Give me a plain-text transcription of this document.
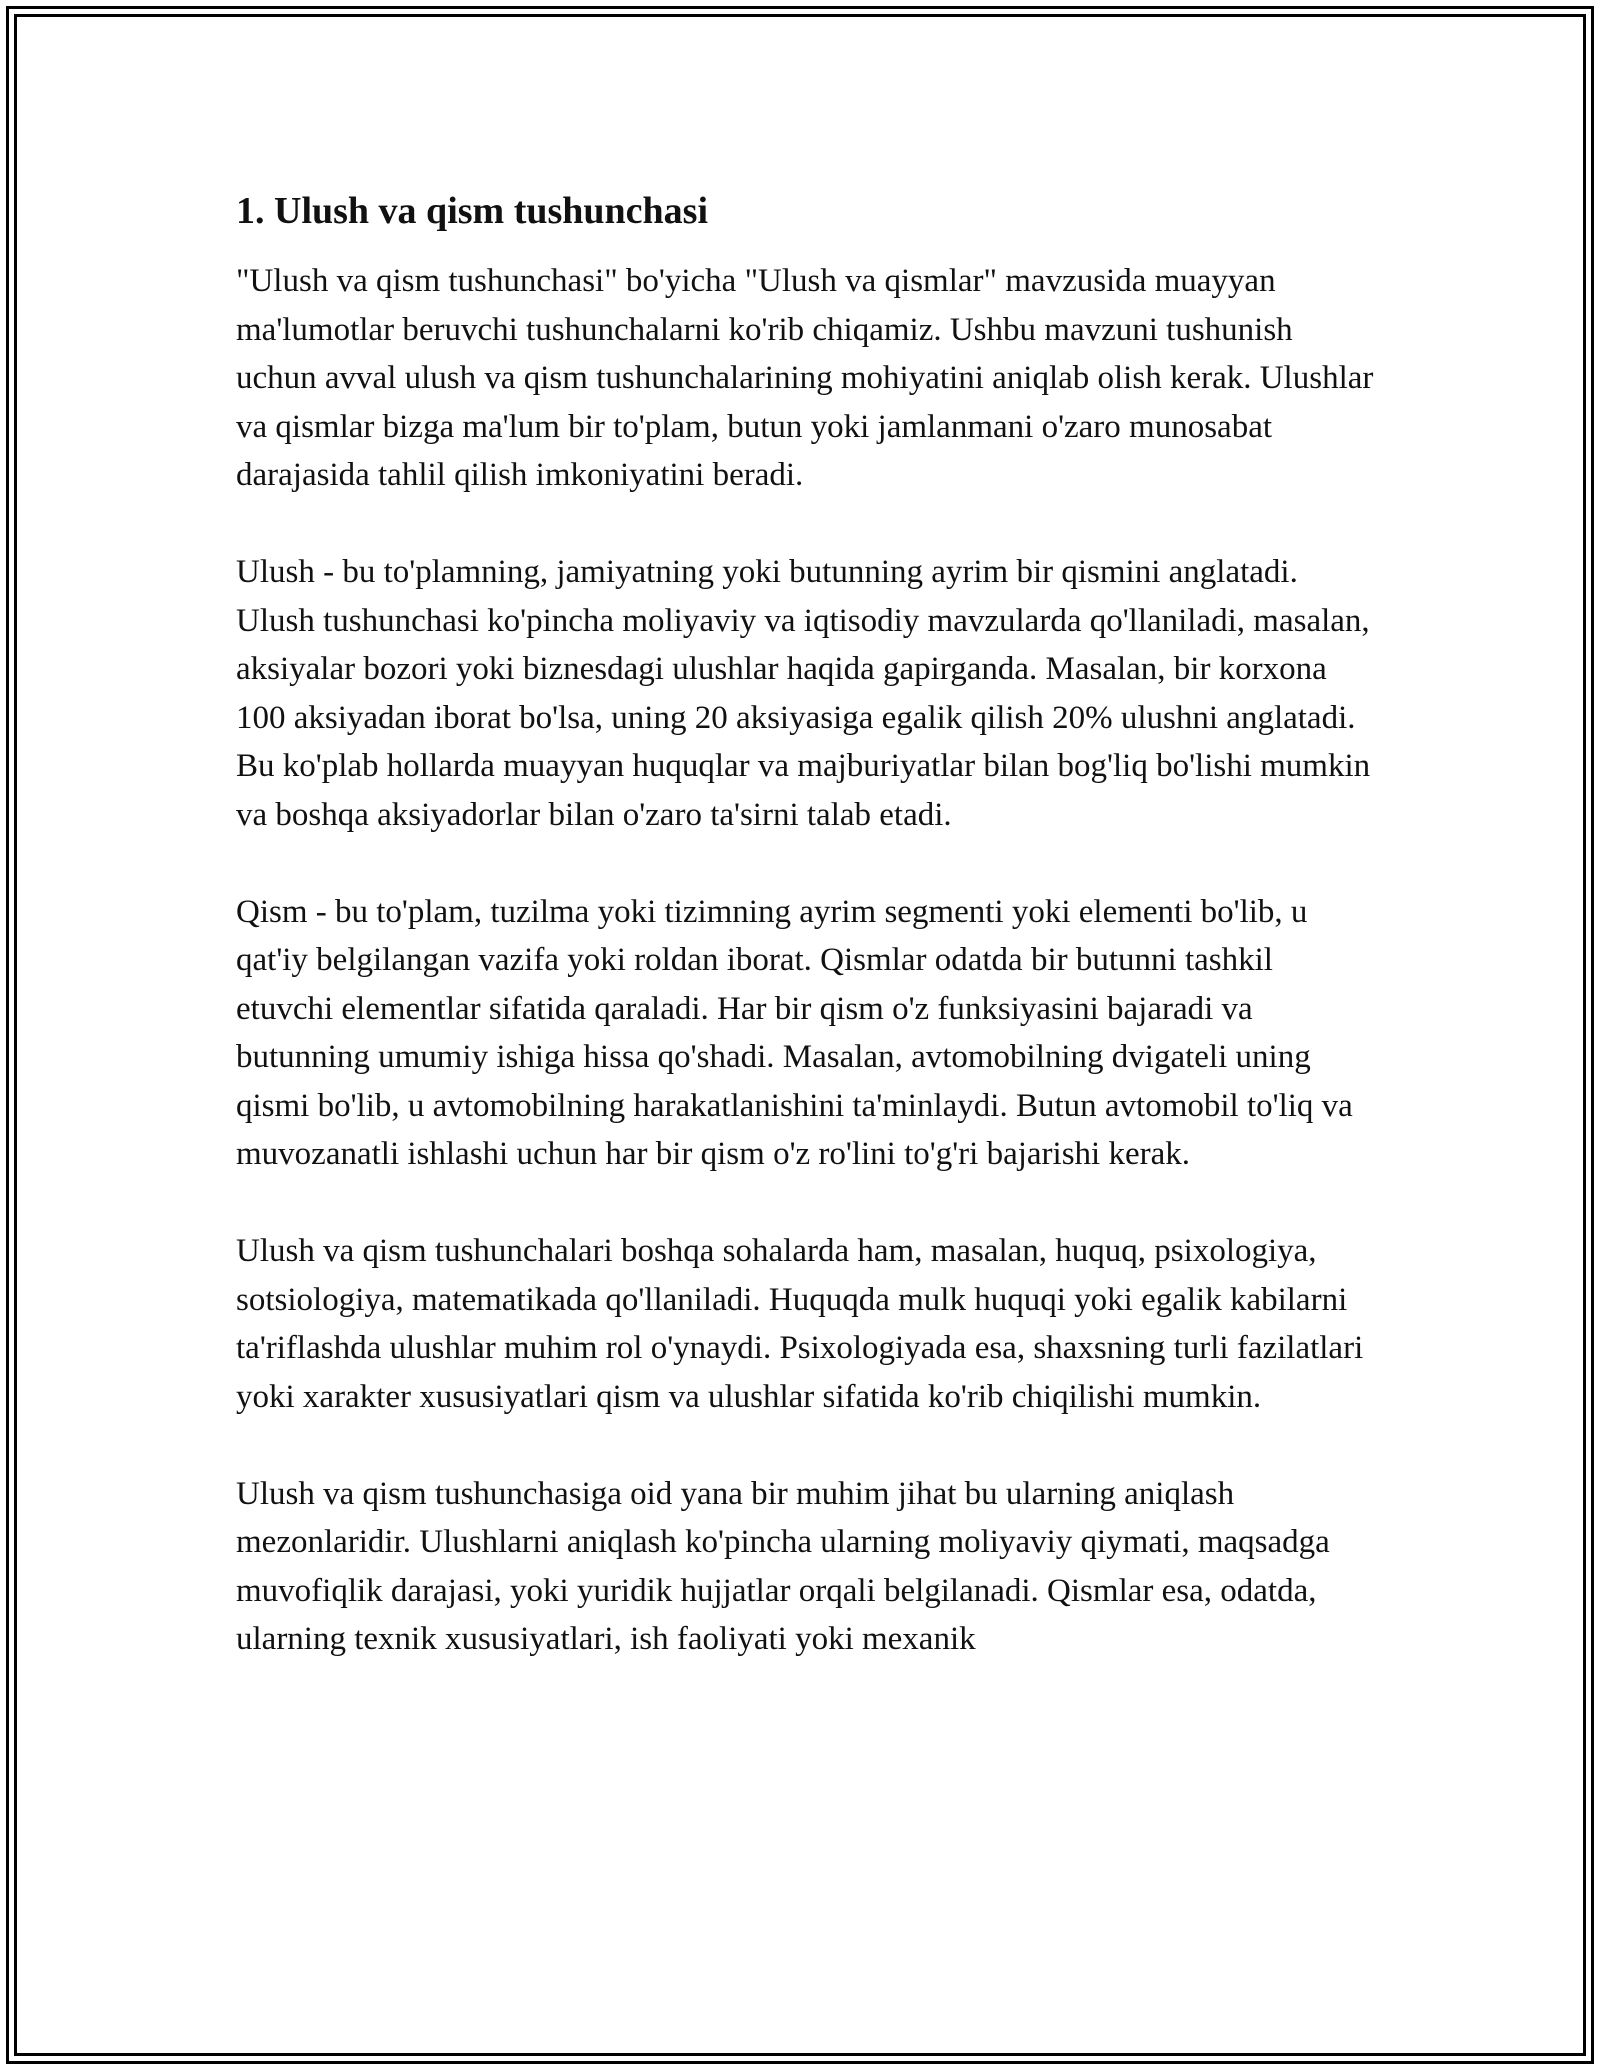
1. Ulush va qism tushunchasi

"Ulush va qism tushunchasi" bo'yicha "Ulush va qismlar" mavzusida muayyan ma'lumotlar beruvchi tushunchalarni ko'rib chiqamiz. Ushbu mavzuni tushunish uchun avval ulush va qism tushunchalarining mohiyatini aniqlab olish kerak. Ulushlar va qismlar bizga ma'lum bir to'plam, butun yoki jamlanmani o'zaro munosabat darajasida tahlil qilish imkoniyatini beradi.

Ulush - bu to'plamning, jamiyatning yoki butunning ayrim bir qismini anglatadi. Ulush tushunchasi ko'pincha moliyaviy va iqtisodiy mavzularda qo'llaniladi, masalan, aksiyalar bozori yoki biznesdagi ulushlar haqida gapirganda. Masalan, bir korxona 100 aksiyadan iborat bo'lsa, uning 20 aksiyasiga egalik qilish 20% ulushni anglatadi. Bu ko'plab hollarda muayyan huquqlar va majburiyatlar bilan bog'liq bo'lishi mumkin va boshqa aksiyadorlar bilan o'zaro ta'sirni talab etadi.

Qism - bu to'plam, tuzilma yoki tizimning ayrim segmenti yoki elementi bo'lib, u qat'iy belgilangan vazifa yoki roldan iborat. Qismlar odatda bir butunni tashkil etuvchi elementlar sifatida qaraladi. Har bir qism o'z funksiyasini bajaradi va butunning umumiy ishiga hissa qo'shadi. Masalan, avtomobilning dvigateli uning qismi bo'lib, u avtomobilning harakatlanishini ta'minlaydi. Butun avtomobil to'liq va muvozanatli ishlashi uchun har bir qism o'z ro'lini to'g'ri bajarishi kerak.

Ulush va qism tushunchalari boshqa sohalarda ham, masalan, huquq, psixologiya, sotsiologiya, matematikada qo'llaniladi. Huquqda mulk huquqi yoki egalik kabilarni ta'riflashda ulushlar muhim rol o'ynaydi. Psixologiyada esa, shaxsning turli fazilatlari yoki xarakter xususiyatlari qism va ulushlar sifatida ko'rib chiqilishi mumkin.

Ulush va qism tushunchasiga oid yana bir muhim jihat bu ularning aniqlash mezonlaridir. Ulushlarni aniqlash ko'pincha ularning moliyaviy qiymati, maqsadga muvofiqlik darajasi, yoki yuridik hujjatlar orqali belgilanadi. Qismlar esa, odatda, ularning texnik xususiyatlari, ish faoliyati yoki mexanik
